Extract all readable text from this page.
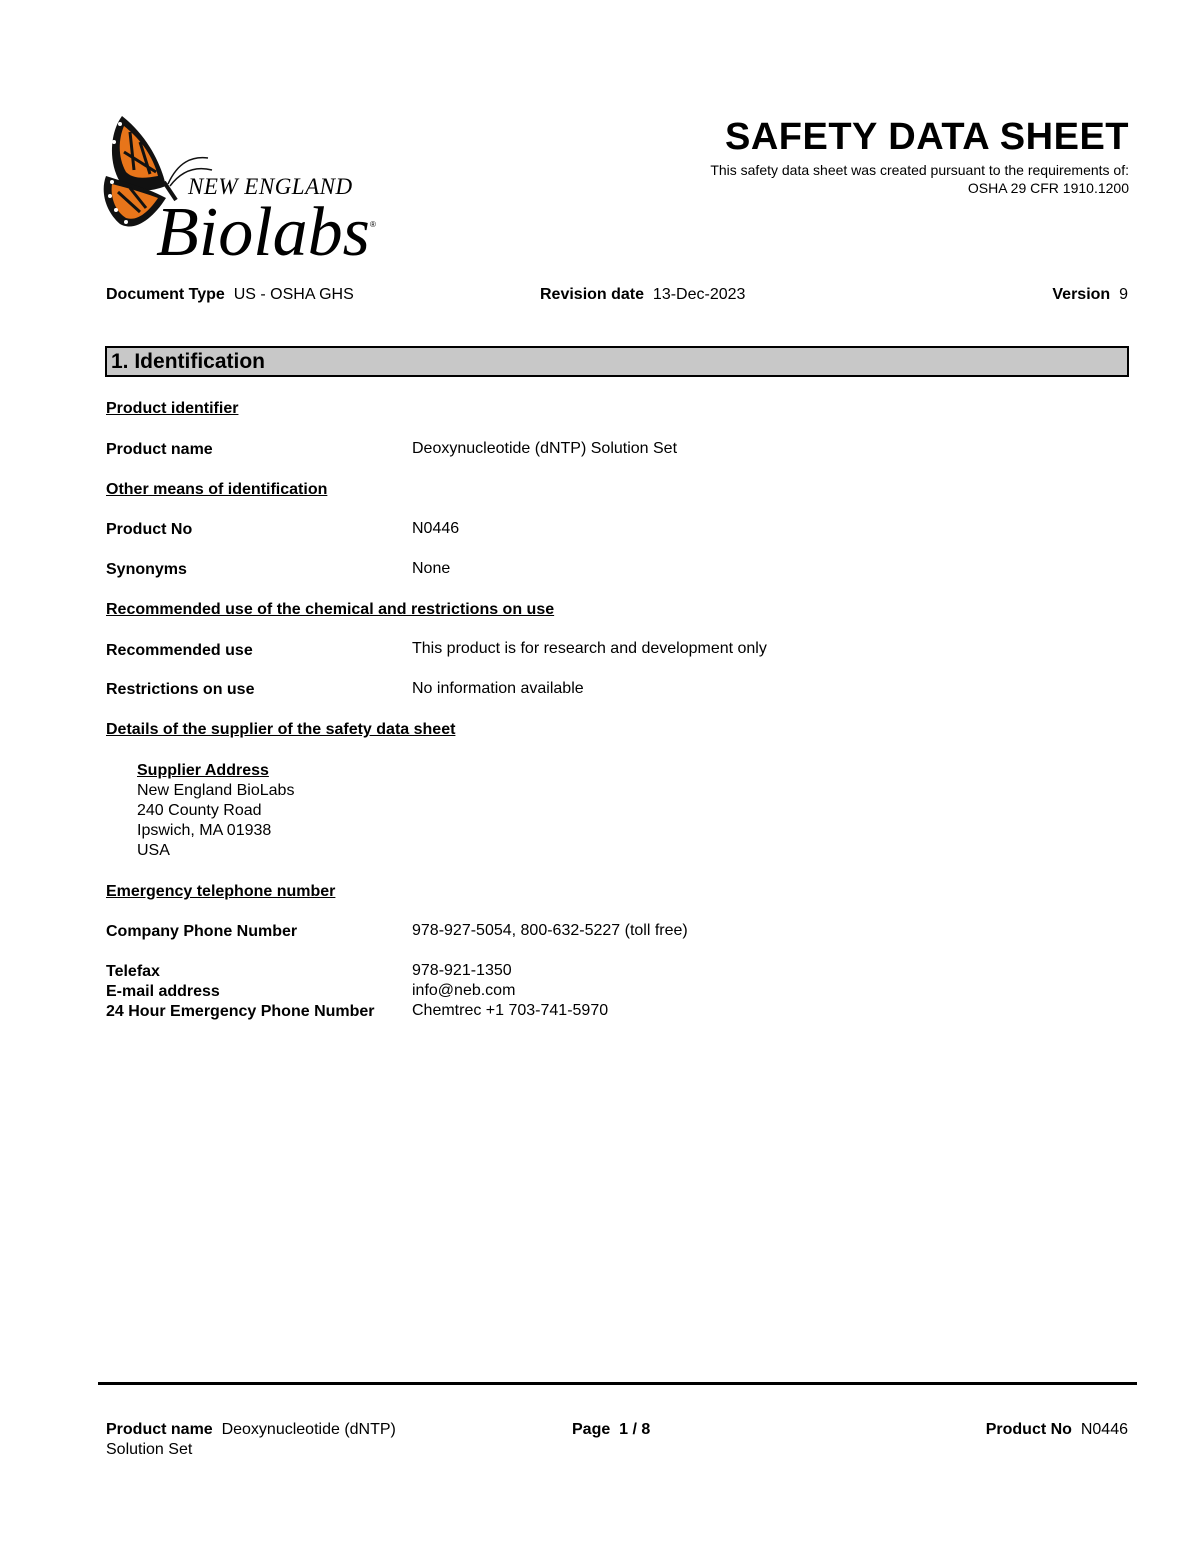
NEW ENGLAND
Biolabs ®
SAFETY DATA SHEET
This safety data sheet was created pursuant to the requirements of:
OSHA 29 CFR 1910.1200
Document Type US - OSHA GHS	Revision date 13-Dec-2023	Version 9
1. Identification
Product identifier
Product name	Deoxynucleotide (dNTP) Solution Set
Other means of identification
Product No	N0446
Synonyms	None
Recommended use of the chemical and restrictions on use
Recommended use	This product is for research and development only
Restrictions on use	No information available
Details of the supplier of the safety data sheet
Supplier Address
New England BioLabs
240 County Road
Ipswich, MA 01938
USA
Emergency telephone number
Company Phone Number	978-927-5054, 800-632-5227 (toll free)
Telefax	978-921-1350
E-mail address	info@neb.com
24 Hour Emergency Phone Number Chemtrec +1 703-741-5970
Product name Deoxynucleotide (dNTP)
Solution Set
Page 1 / 8	Product No N0446
